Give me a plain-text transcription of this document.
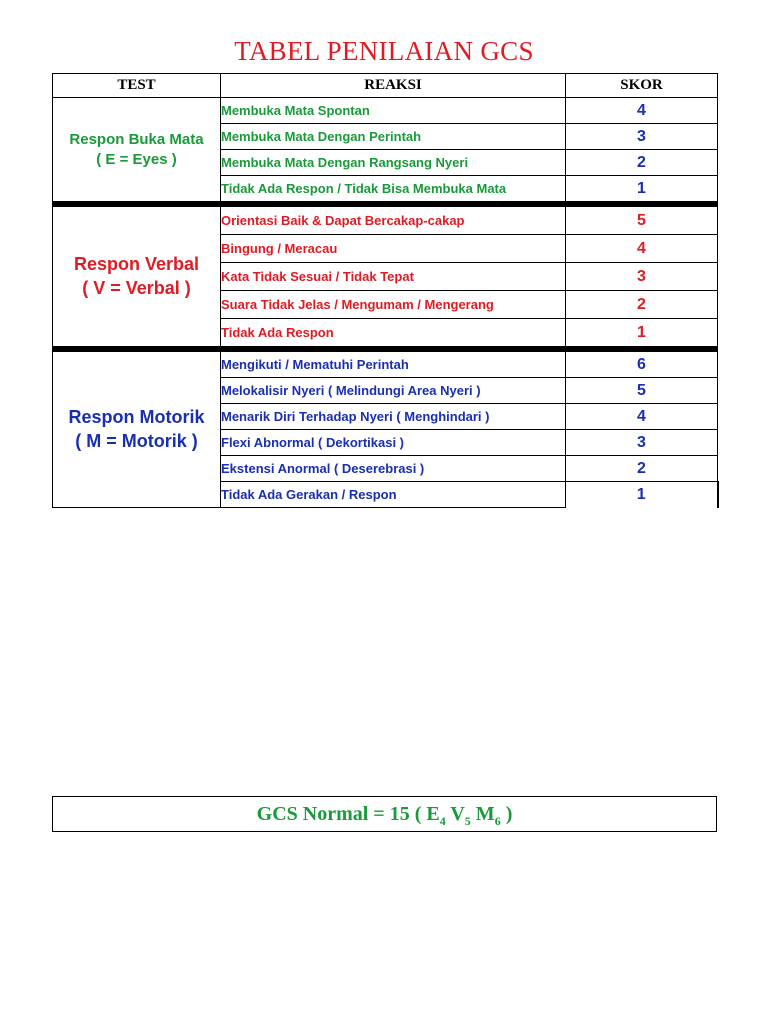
TABEL PENILAIAN GCS
TEST	REAKSI	SKOR

Respon Buka Mata
( E = Eyes )	Membuka Mata Spontan	4
	Membuka Mata Dengan Perintah	3
	Membuka Mata Dengan Rangsang Nyeri	2
	Tidak Ada Respon / Tidak Bisa Membuka Mata	1

Respon Verbal
( V = Verbal )	Orientasi Baik & Dapat Bercakap-cakap	5
	Bingung / Meracau	4
	Kata Tidak Sesuai / Tidak Tepat	3
	Suara Tidak Jelas / Mengumam / Mengerang	2
	Tidak Ada Respon	1

Respon Motorik
( M = Motorik )	Mengikuti / Mematuhi Perintah	6
	Melokalisir Nyeri ( Melindungi Area Nyeri )	5
	Menarik Diri Terhadap Nyeri ( Menghindari )	4
	Flexi Abnormal ( Dekortikasi )	3
	Ekstensi Anormal ( Deserebrasi )	2
	Tidak Ada Gerakan / Respon	1
GCS Normal = 15 ( $E_4$ $V_5$ $M_6$ )
